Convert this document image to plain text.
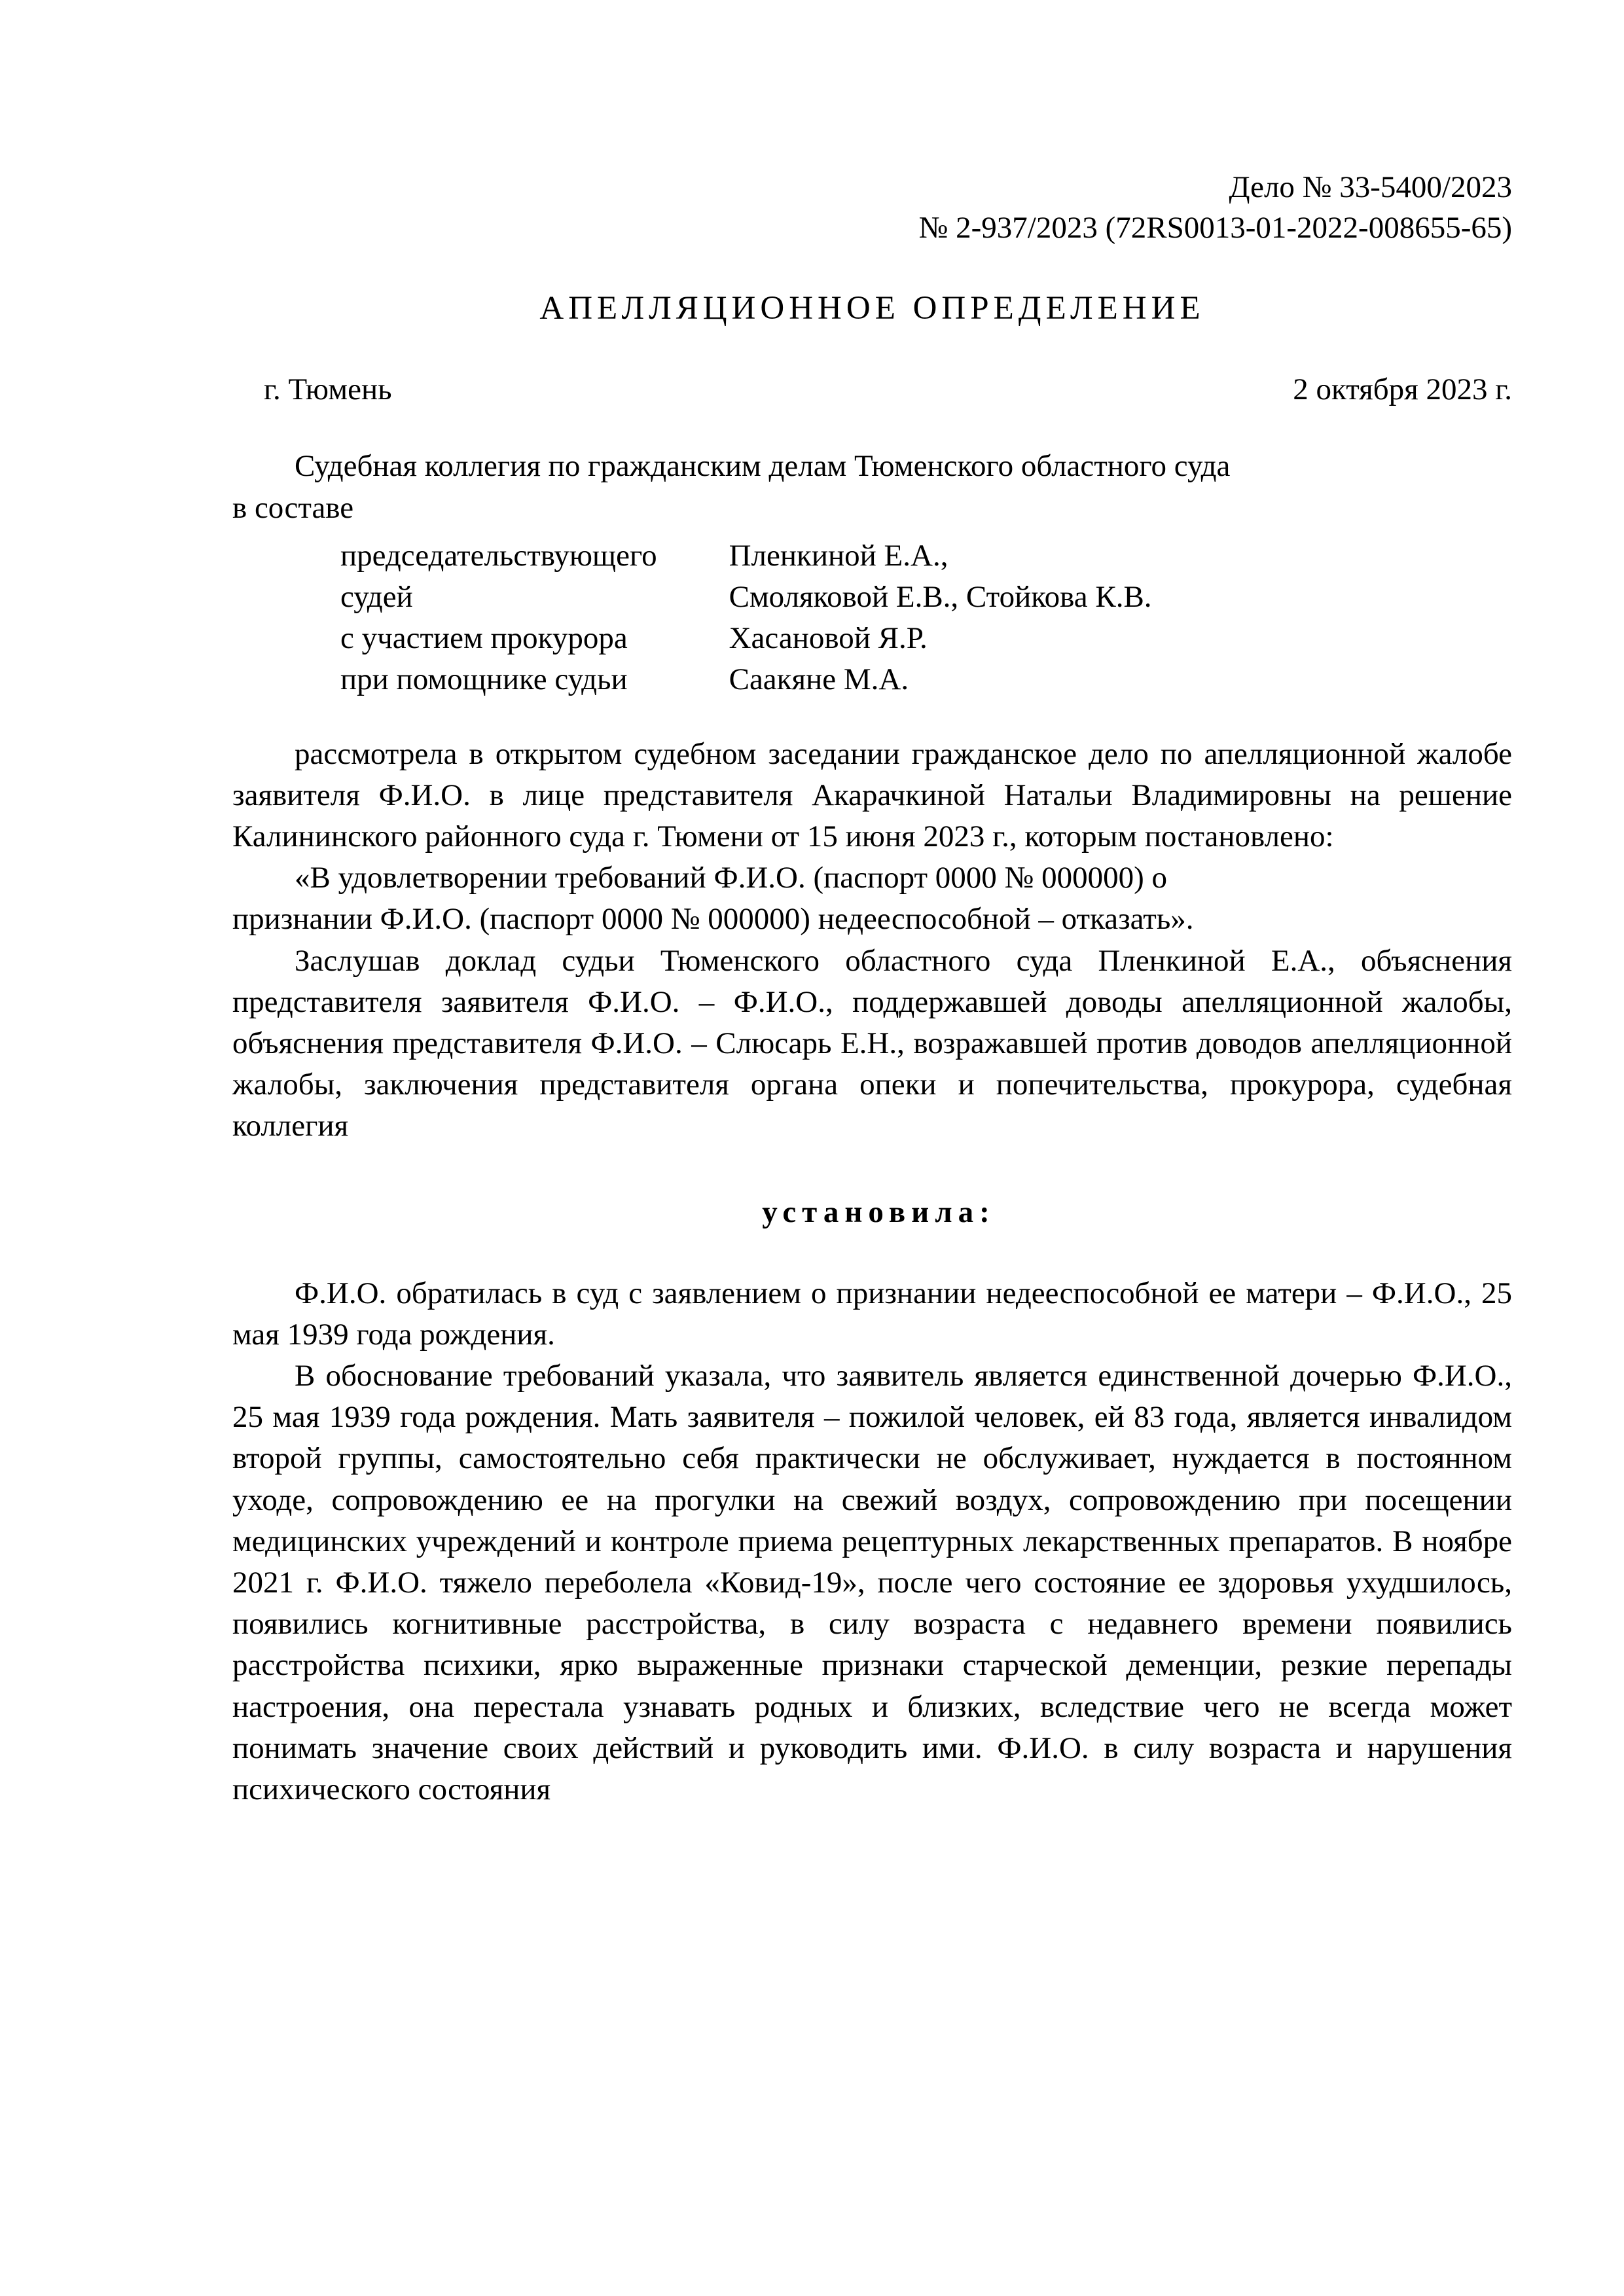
Дело № 33-5400/2023
№ 2-937/2023 (72RS0013-01-2022-008655-65)
АПЕЛЛЯЦИОННОЕ ОПРЕДЕЛЕНИЕ
г. Тюмень	2 октября 2023 г.

Судебная коллегия по гражданским делам Тюменского областного суда

в составе

председательствующего	Пленкиной Е.А.,
судей	Смоляковой Е.В., Стойкова К.В.
с участием прокурора	Хасановой Я.Р.
при помощнике судьи	Саакяне М.А.

рассмотрела в открытом судебном заседании гражданское дело по апелляционной жалобе заявителя Ф.И.О. в лице представителя Акарачкиной Натальи Владимировны на решение Калининского районного суда г. Тюмени от 15 июня 2023 г., которым постановлено:

«В удовлетворении требований Ф.И.О. (паспорт 0000 № 000000) о

признании Ф.И.О. (паспорт 0000 № 000000) недееспособной – отказать».

Заслушав доклад судьи Тюменского областного суда Пленкиной Е.А., объяснения представителя заявителя Ф.И.О. – Ф.И.О., поддержавшей доводы апелляционной жалобы, объяснения представителя Ф.И.О. – Слюсарь Е.Н., возражавшей против доводов апелляционной жалобы, заключения представителя органа опеки и попечительства, прокурора, судебная коллегия

установила:

Ф.И.О. обратилась в суд с заявлением о признании недееспособной ее матери – Ф.И.О., 25 мая 1939 года рождения.

В обоснование требований указала, что заявитель является единственной дочерью Ф.И.О., 25 мая 1939 года рождения. Мать заявителя – пожилой человек, ей 83 года, является инвалидом второй группы, самостоятельно себя практически не обслуживает, нуждается в постоянном уходе, сопровождению ее на прогулки на свежий воздух, сопровождению при посещении медицинских учреждений и контроле приема рецептурных лекарственных препаратов. В ноябре 2021 г. Ф.И.О. тяжело переболела «Ковид-19», после чего состояние ее здоровья ухудшилось, появились когнитивные расстройства, в силу возраста с недавнего времени появились расстройства психики, ярко выраженные признаки старческой деменции, резкие перепады настроения, она перестала узнавать родных и близких, вследствие чего не всегда может понимать значение своих действий и руководить ими. Ф.И.О. в силу возраста и нарушения психического состояния
